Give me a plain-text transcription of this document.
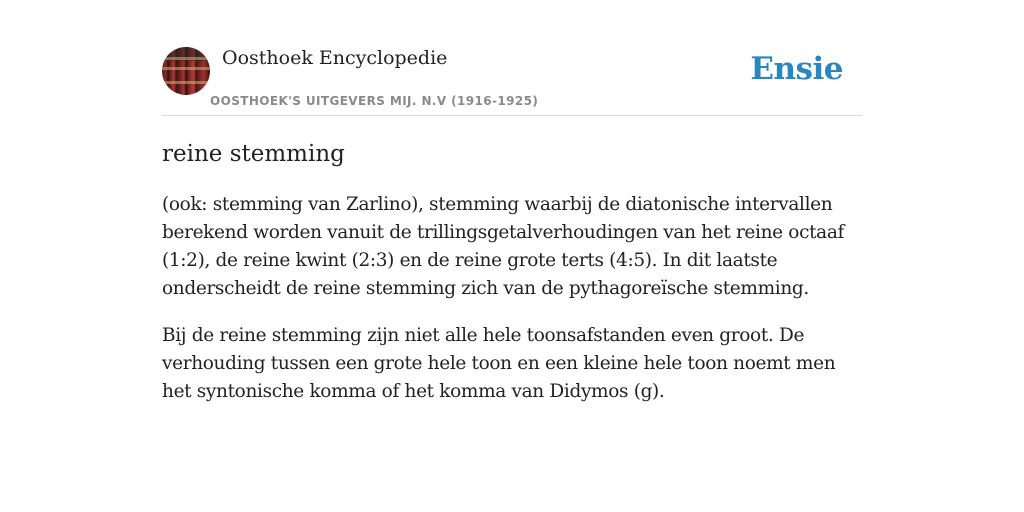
Oosthoek Encyclopedie
OOSTHOEK'S UITGEVERS MIJ. N.V (1916-1925)
Ensie
reine stemming

(ook: stemming van Zarlino), stemming waarbij de diatonische intervallen berekend worden vanuit de trillingsgetalverhoudingen van het reine octaaf (1:2), de reine kwint (2:3) en de reine grote terts (4:5). In dit laatste onderscheidt de reine stemming zich van de pythagoreïsche stemming.

Bij de reine stemming zijn niet alle hele toonsafstanden even groot. De verhouding tussen een grote hele toon en een kleine hele toon noemt men het syntonische komma of het komma van Didymos (g).
